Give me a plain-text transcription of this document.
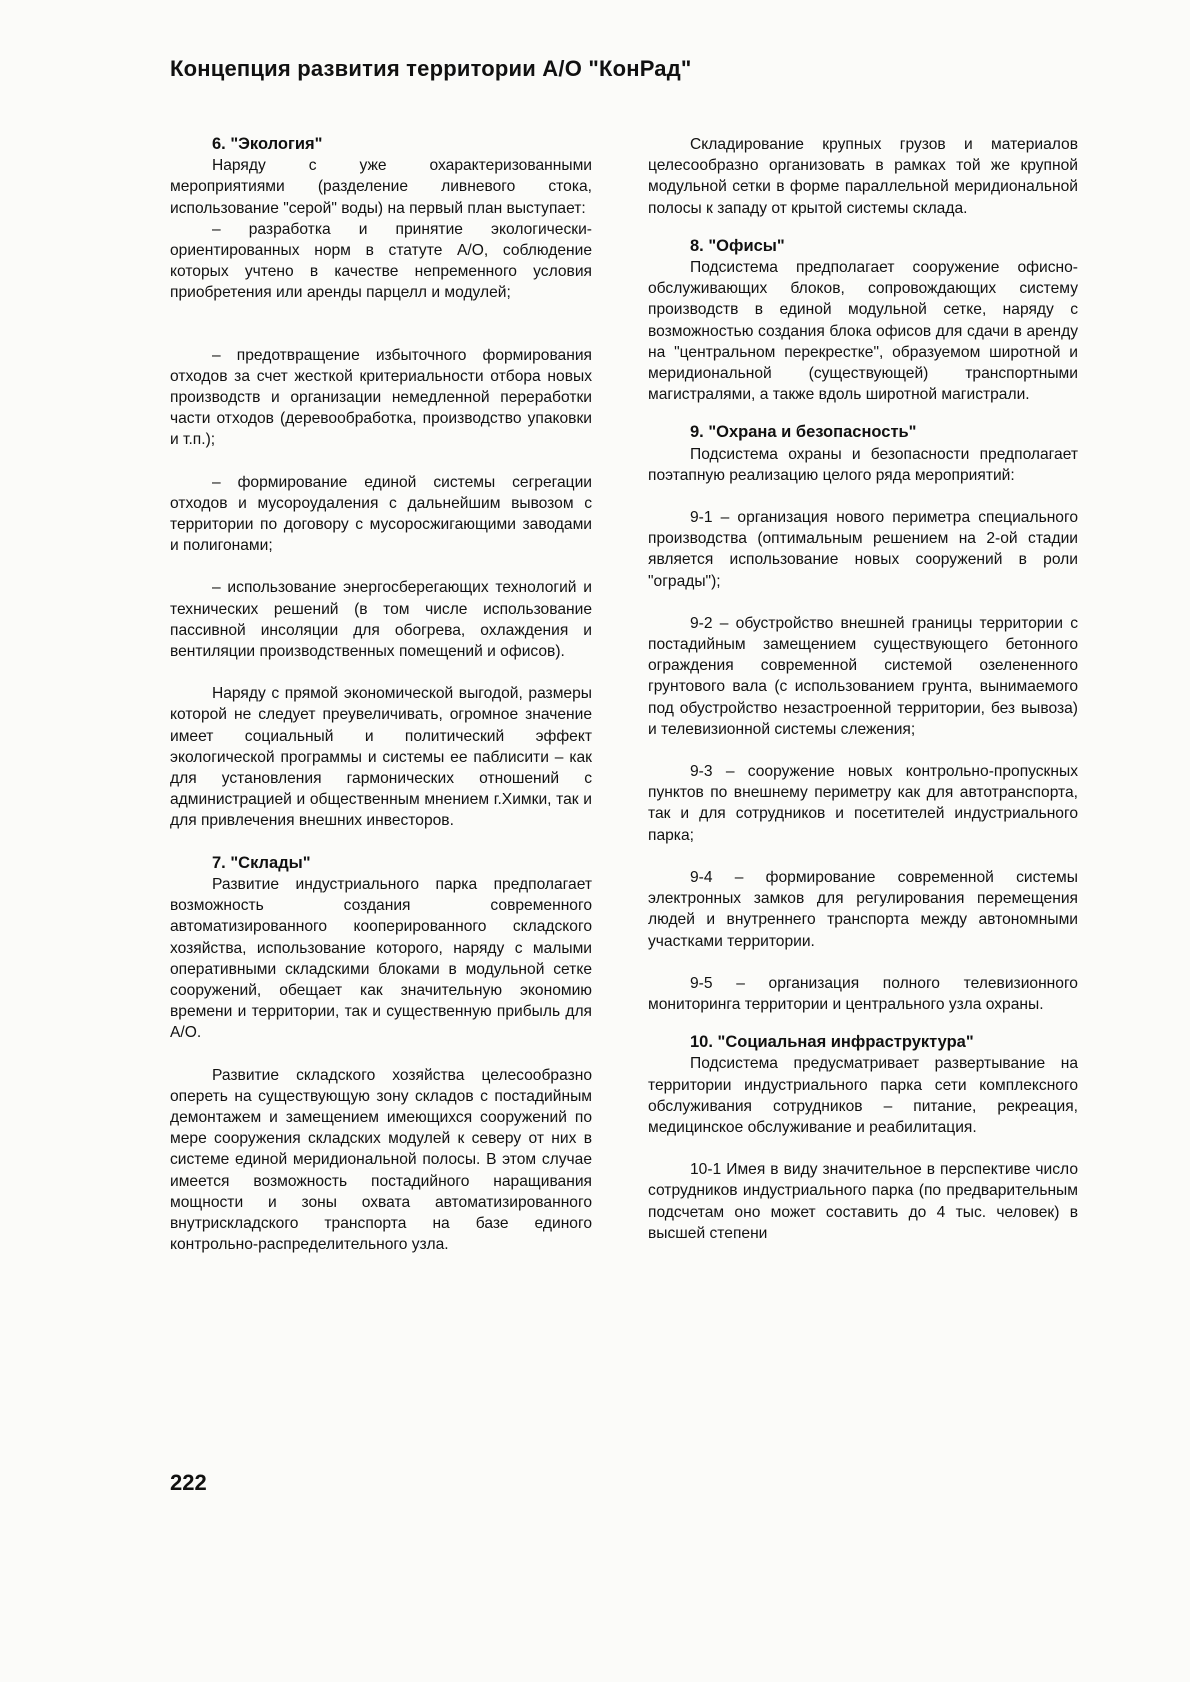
Концепция развития территории А/О "КонРад"
6. "Экология"

Наряду с уже охарактеризованными мероприятиями (разделение ливневого стока, использование "серой" воды) на первый план выступает:

– разработка и принятие экологически-ориентированных норм в статуте А/О, соблюдение которых учтено в качестве непременного условия приобретения или аренды парцелл и модулей;

– предотвращение избыточного формирования отходов за счет жесткой критериальности отбора новых производств и организации немедленной переработки части отходов (деревообработка, производство упаковки и т.п.);

– формирование единой системы сегрегации отходов и мусороудаления с дальнейшим вывозом с территории по договору с мусоросжигающими заводами и полигонами;

– использование энергосберегающих технологий и технических решений (в том числе использование пассивной инсоляции для обогрева, охлаждения и вентиляции производственных помещений и офисов).

Наряду с прямой экономической выгодой, размеры которой не следует преувеличивать, огромное значение имеет социальный и политический эффект экологической программы и системы ее паблисити – как для установления гармонических отношений с администрацией и общественным мнением г.Химки, так и для привлечения внешних инвесторов.

7. "Склады"

Развитие индустриального парка предполагает возможность создания современного автоматизированного кооперированного складского хозяйства, использование которого, наряду с малыми оперативными складскими блоками в модульной сетке сооружений, обещает как значительную экономию времени и территории, так и существенную прибыль для А/О.

Развитие складского хозяйства целесообразно опереть на существующую зону складов с постадийным демонтажем и замещением имеющихся сооружений по мере сооружения складских модулей к северу от них в системе единой меридиональной полосы. В этом случае имеется возможность постадийного наращивания мощности и зоны охвата автоматизированного внутрискладского транспорта на базе единого контрольно-распределительного узла.

Складирование крупных грузов и материалов целесообразно организовать в рамках той же крупной модульной сетки в форме параллельной меридиональной полосы к западу от крытой системы склада.

8. "Офисы"

Подсистема предполагает сооружение офисно-обслуживающих блоков, сопровождающих систему производств в единой модульной сетке, наряду с возможностью создания блока офисов для сдачи в аренду на "центральном перекрестке", образуемом широтной и меридиональной (существующей) транспортными магистралями, а также вдоль широтной магистрали.

9. "Охрана и безопасность"

Подсистема охраны и безопасности предполагает поэтапную реализацию целого ряда мероприятий:

9-1 – организация нового периметра специального производства (оптимальным решением на 2-ой стадии является использование новых сооружений в роли "ограды");

9-2 – обустройство внешней границы территории с постадийным замещением существующего бетонного ограждения современной системой озелененного грунтового вала (с использованием грунта, вынимаемого под обустройство незастроенной территории, без вывоза) и телевизионной системы слежения;

9-3 – сооружение новых контрольно-пропускных пунктов по внешнему периметру как для автотранспорта, так и для сотрудников и посетителей индустриального парка;

9-4 – формирование современной системы электронных замков для регулирования перемещения людей и внутреннего транспорта между автономными участками территории.

9-5 – организация полного телевизионного мониторинга территории и центрального узла охраны.

10. "Социальная инфраструктура"

Подсистема предусматривает развертывание на территории индустриального парка сети комплексного обслуживания сотрудников – питание, рекреация, медицинское обслуживание и реабилитация.

10-1 Имея в виду значительное в перспективе число сотрудников индустриального парка (по предварительным подсчетам оно может составить до 4 тыс. человек) в высшей степени

222
